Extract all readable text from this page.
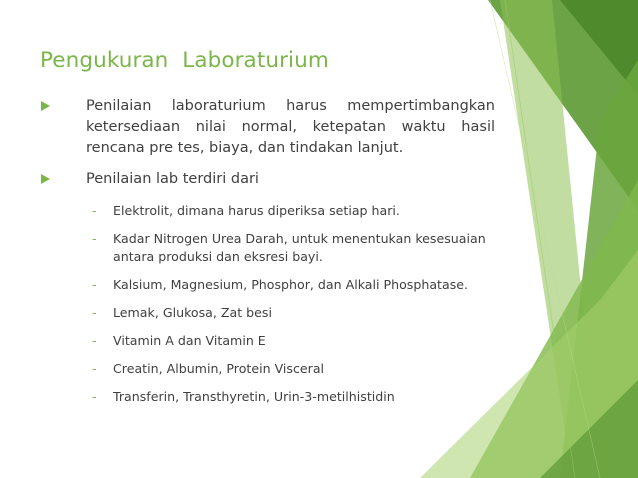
Pengukuran  Laboraturium
Penilaian laboraturium harus mempertimbangkan ketersediaan nilai normal, ketepatan waktu hasil rencana pre tes, biaya, dan tindakan lanjut.
Penilaian lab terdiri dari
- Elektrolit, dimana harus diperiksa setiap hari.
- Kadar Nitrogen Urea Darah, untuk menentukan kesesuaian antara produksi dan eksresi bayi.
- Kalsium, Magnesium, Phosphor, dan Alkali Phosphatase.
- Lemak, Glukosa, Zat besi
- Vitamin A dan Vitamin E
- Creatin, Albumin, Protein Visceral
- Transferin, Transthyretin, Urin-3-metilhistidin
